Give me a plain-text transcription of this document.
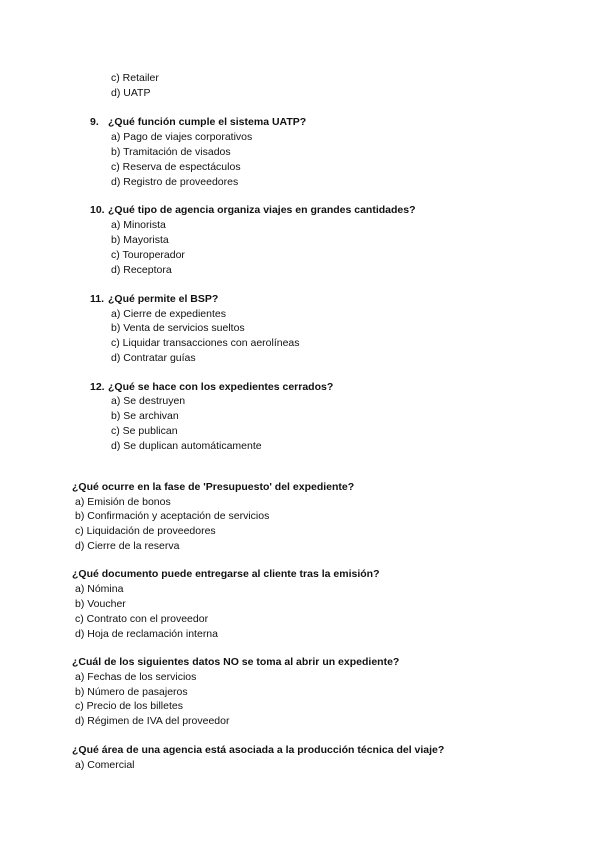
c) Retailer
d) UATP
9. ¿Qué función cumple el sistema UATP?
a) Pago de viajes corporativos
b) Tramitación de visados
c) Reserva de espectáculos
d) Registro de proveedores
10. ¿Qué tipo de agencia organiza viajes en grandes cantidades?
a) Minorista
b) Mayorista
c) Touroperador
d) Receptora
11. ¿Qué permite el BSP?
a) Cierre de expedientes
b) Venta de servicios sueltos
c) Liquidar transacciones con aerolíneas
d) Contratar guías
12. ¿Qué se hace con los expedientes cerrados?
a) Se destruyen
b) Se archivan
c) Se publican
d) Se duplican automáticamente
¿Qué ocurre en la fase de 'Presupuesto' del expediente?
a) Emisión de bonos
b) Confirmación y aceptación de servicios
c) Liquidación de proveedores
d) Cierre de la reserva
¿Qué documento puede entregarse al cliente tras la emisión?
a) Nómina
b) Voucher
c) Contrato con el proveedor
d) Hoja de reclamación interna
¿Cuál de los siguientes datos NO se toma al abrir un expediente?
a) Fechas de los servicios
b) Número de pasajeros
c) Precio de los billetes
d) Régimen de IVA del proveedor
¿Qué área de una agencia está asociada a la producción técnica del viaje?
a) Comercial
